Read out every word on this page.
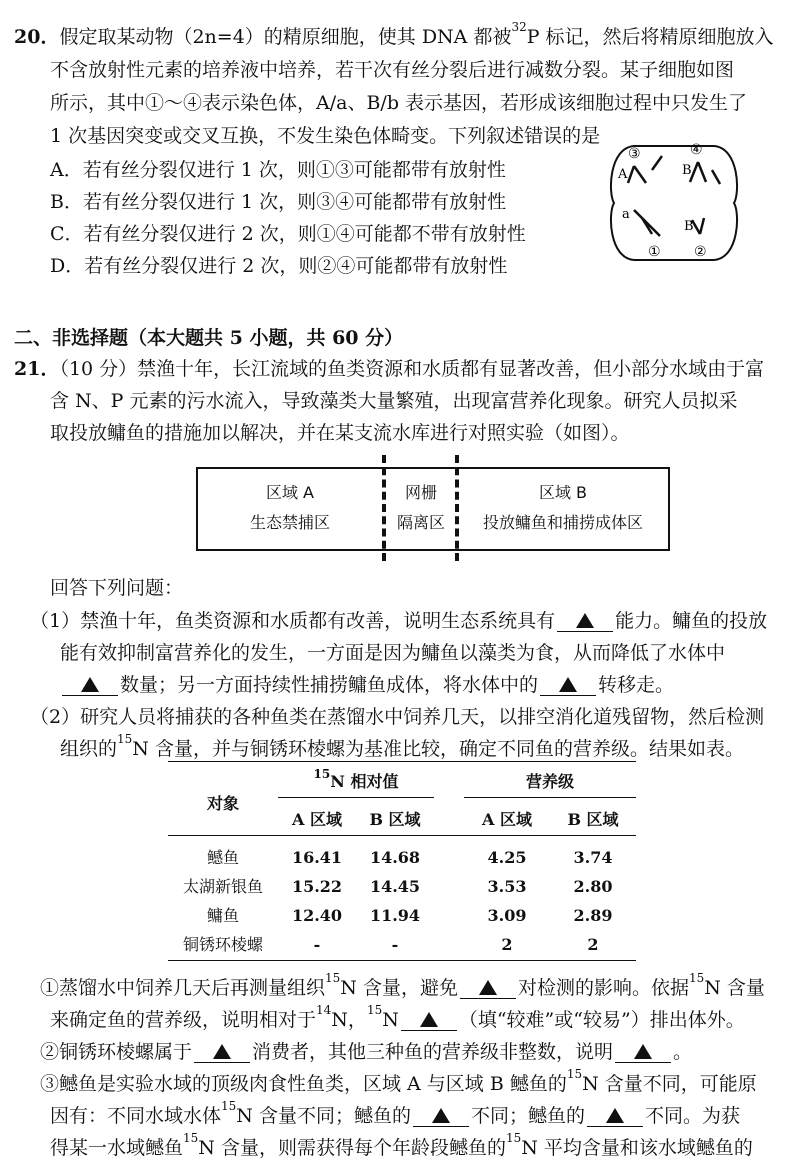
20．假定取某动物（2n=4）的精原细胞，使其 DNA 都被$^{32}$P 标记，然后将精原细胞放入
不含放射性元素的培养液中培养，若干次有丝分裂后进行减数分裂。某子细胞如图
所示，其中①～④表示染色体，A/a、B/b 表示基因，若形成该细胞过程中只发生了
1 次基因突变或交叉互换，不发生染色体畸变。下列叙述错误的是
A．若有丝分裂仅进行 1 次，则①③可能都带有放射性
B．若有丝分裂仅进行 1 次，则③④可能都带有放射性
C．若有丝分裂仅进行 2 次，则①④可能都不带有放射性
D．若有丝分裂仅进行 2 次，则②④可能都带有放射性
③	④
A	B
a
B
① ②
二、非选择题（本大题共 5 小题，共 60 分）
21．（10 分）禁渔十年，长江流域的鱼类资源和水质都有显著改善，但小部分水域由于富
含 N、P 元素的污水流入，导致藻类大量繁殖，出现富营养化现象。研究人员拟采
取投放鳙鱼的措施加以解决，并在某支流水库进行对照实验（如图）。
区域 A
生态禁捕区
网栅
隔离区
区域 B
投放鳙鱼和捕捞成体区
回答下列问题：
（1）禁渔十年，鱼类资源和水质都有改善，说明生态系统具有	能力。鳙鱼的投放
能有效抑制富营养化的发生，一方面是因为鳙鱼以藻类为食，从而降低了水体中
数量；另一方面持续性捕捞鳙鱼成体，将水体中的	转移走。
（2）研究人员将捕获的各种鱼类在蒸馏水中饲养几天，以排空消化道残留物，然后检测
组织的$^{15}$N 含量，并与铜锈环棱螺为基准比较，确定不同鱼的营养级。结果如表。
对象
$^{15}$N 相对值	营养级
A 区域	B 区域	A 区域	B 区域
鳡鱼	16.41	14.68	4.25	3.74
太湖新银鱼	15.22	14.45	3.53	2.80
鳙鱼	12.40	11.94	3.09	2.89
铜锈环棱螺	-	-	2	2
①蒸馏水中饲养几天后再测量组织$^{15}$N 含量，避免	对检测的影响。依据$^{15}$N 含量
来确定鱼的营养级，说明相对于$^{14}$N，$^{15}$N	（填“较难”或“较易”）排出体外。
②铜锈环棱螺属于	消费者，其他三种鱼的营养级非整数，说明	。
③鳡鱼是实验水域的顶级肉食性鱼类，区域 A 与区域 B 鳡鱼的$^{15}$N 含量不同，可能原
因有：不同水域水体$^{15}$N 含量不同；鳡鱼的	不同；鳡鱼的	不同。为获
得某一水域鳡鱼$^{15}$N 含量，则需获得每个年龄段鳡鱼的$^{15}$N 平均含量和该水域鳡鱼的
